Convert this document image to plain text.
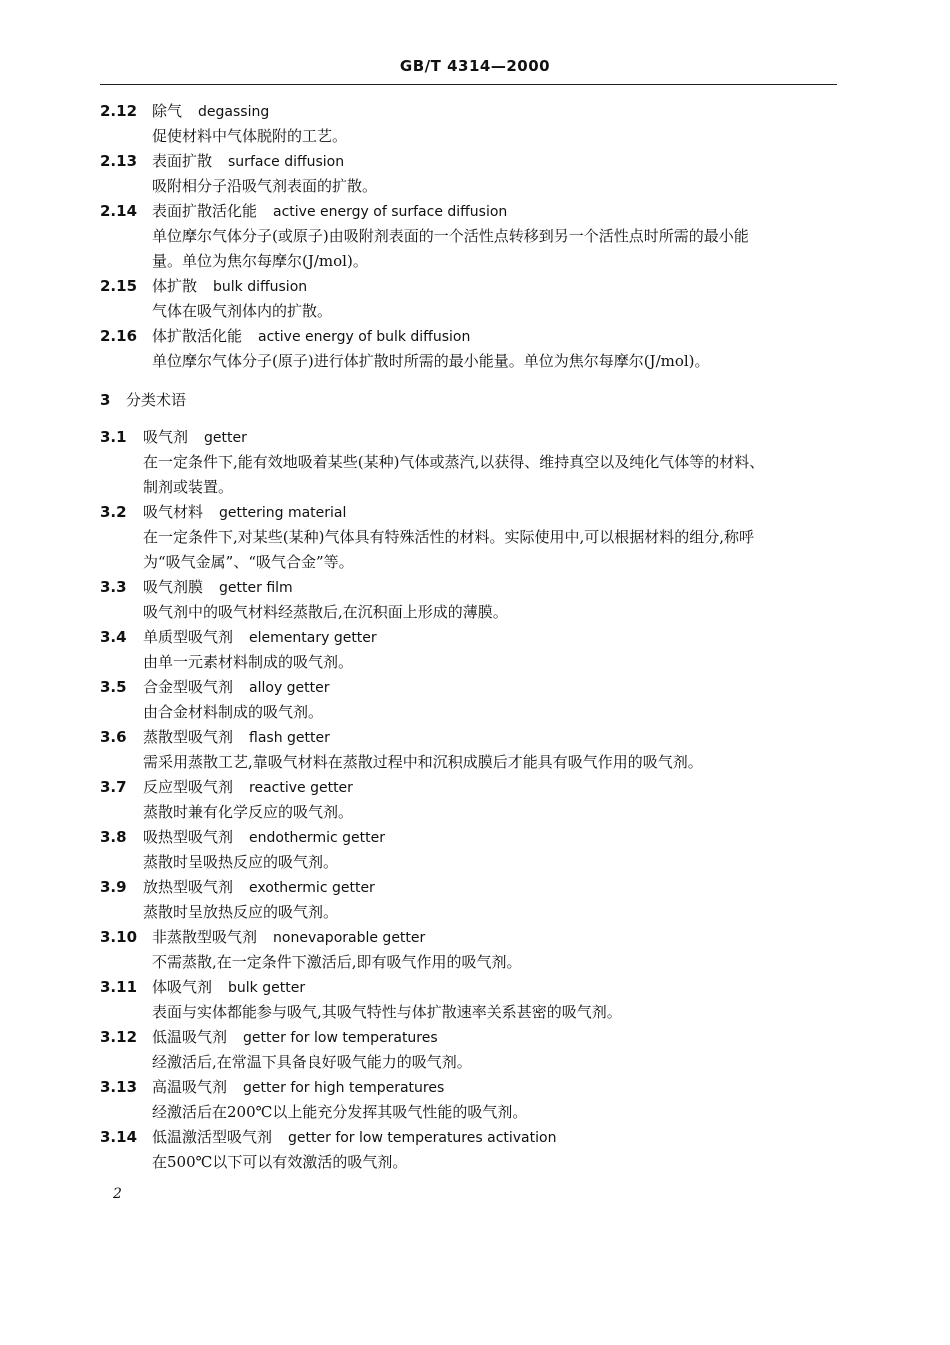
GB/T 4314—2000
2.12 除气 degassing
促使材料中气体脱附的工艺。
2.13 表面扩散 surface diffusion
吸附相分子沿吸气剂表面的扩散。
2.14 表面扩散活化能 active energy of surface diffusion
单位摩尔气体分子(或原子)由吸附剂表面的一个活性点转移到另一个活性点时所需的最小能
量。单位为焦尔每摩尔(J/mol)。
2.15 体扩散 bulk diffusion
气体在吸气剂体内的扩散。
2.16 体扩散活化能 active energy of bulk diffusion
单位摩尔气体分子(原子)进行体扩散时所需的最小能量。单位为焦尔每摩尔(J/mol)。
3 分类术语
3.1 吸气剂 getter
在一定条件下,能有效地吸着某些(某种)气体或蒸汽,以获得、维持真空以及纯化气体等的材料、
制剂或装置。
3.2 吸气材料 gettering material
在一定条件下,对某些(某种)气体具有特殊活性的材料。实际使用中,可以根据材料的组分,称呼
为“吸气金属”、“吸气合金”等。
3.3 吸气剂膜 getter film
吸气剂中的吸气材料经蒸散后,在沉积面上形成的薄膜。
3.4 单质型吸气剂 elementary getter
由单一元素材料制成的吸气剂。
3.5 合金型吸气剂 alloy getter
由合金材料制成的吸气剂。
3.6 蒸散型吸气剂 flash getter
需采用蒸散工艺,靠吸气材料在蒸散过程中和沉积成膜后才能具有吸气作用的吸气剂。
3.7 反应型吸气剂 reactive getter
蒸散时兼有化学反应的吸气剂。
3.8 吸热型吸气剂 endothermic getter
蒸散时呈吸热反应的吸气剂。
3.9 放热型吸气剂 exothermic getter
蒸散时呈放热反应的吸气剂。
3.10 非蒸散型吸气剂 nonevaporable getter
不需蒸散,在一定条件下激活后,即有吸气作用的吸气剂。
3.11 体吸气剂 bulk getter
表面与实体都能参与吸气,其吸气特性与体扩散速率关系甚密的吸气剂。
3.12 低温吸气剂 getter for low temperatures
经激活后,在常温下具备良好吸气能力的吸气剂。
3.13 高温吸气剂 getter for high temperatures
经激活后在200℃以上能充分发挥其吸气性能的吸气剂。
3.14 低温激活型吸气剂 getter for low temperatures activation
在500℃以下可以有效激活的吸气剂。
2
